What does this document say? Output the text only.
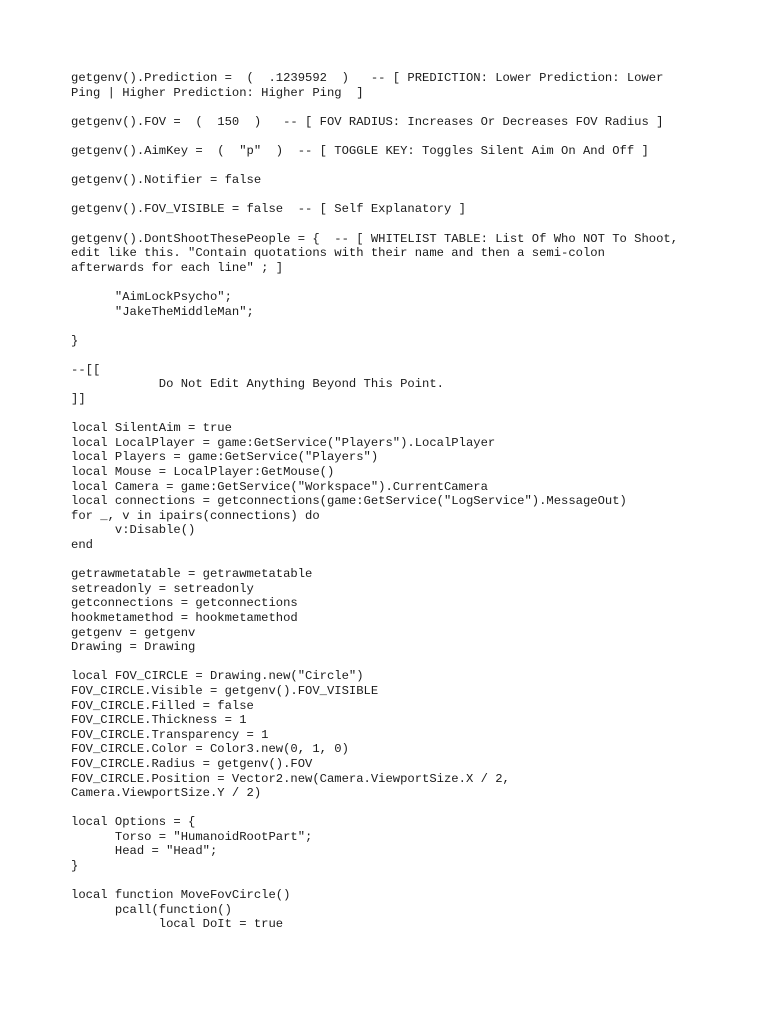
getgenv().Prediction =  (  .1239592  )   -- [ PREDICTION: Lower Prediction: Lower
Ping | Higher Prediction: Higher Ping  ]
getgenv().FOV =  (  150  )   -- [ FOV RADIUS: Increases Or Decreases FOV Radius ]
getgenv().AimKey =  (  "p"  )  -- [ TOGGLE KEY: Toggles Silent Aim On And Off ]
getgenv().Notifier = false
getgenv().FOV_VISIBLE = false  -- [ Self Explanatory ]
getgenv().DontShootThesePeople = {  -- [ WHITELIST TABLE: List Of Who NOT To Shoot,
edit like this. "Contain quotations with their name and then a semi-colon
afterwards for each line" ; ]
"AimLockPsycho";
"JakeTheMiddleMan";
}
--[[
Do Not Edit Anything Beyond This Point.
]]
local SilentAim = true
local LocalPlayer = game:GetService("Players").LocalPlayer
local Players = game:GetService("Players")
local Mouse = LocalPlayer:GetMouse()
local Camera = game:GetService("Workspace").CurrentCamera
local connections = getconnections(game:GetService("LogService").MessageOut)
for _, v in ipairs(connections) do
v:Disable()
end
getrawmetatable = getrawmetatable
setreadonly = setreadonly
getconnections = getconnections
hookmetamethod = hookmetamethod
getgenv = getgenv
Drawing = Drawing
local FOV_CIRCLE = Drawing.new("Circle")
FOV_CIRCLE.Visible = getgenv().FOV_VISIBLE
FOV_CIRCLE.Filled = false
FOV_CIRCLE.Thickness = 1
FOV_CIRCLE.Transparency = 1
FOV_CIRCLE.Color = Color3.new(0, 1, 0)
FOV_CIRCLE.Radius = getgenv().FOV
FOV_CIRCLE.Position = Vector2.new(Camera.ViewportSize.X / 2,
Camera.ViewportSize.Y / 2)
local Options = {
Torso = "HumanoidRootPart";
Head = "Head";
}
local function MoveFovCircle()
pcall(function()
local DoIt = true
